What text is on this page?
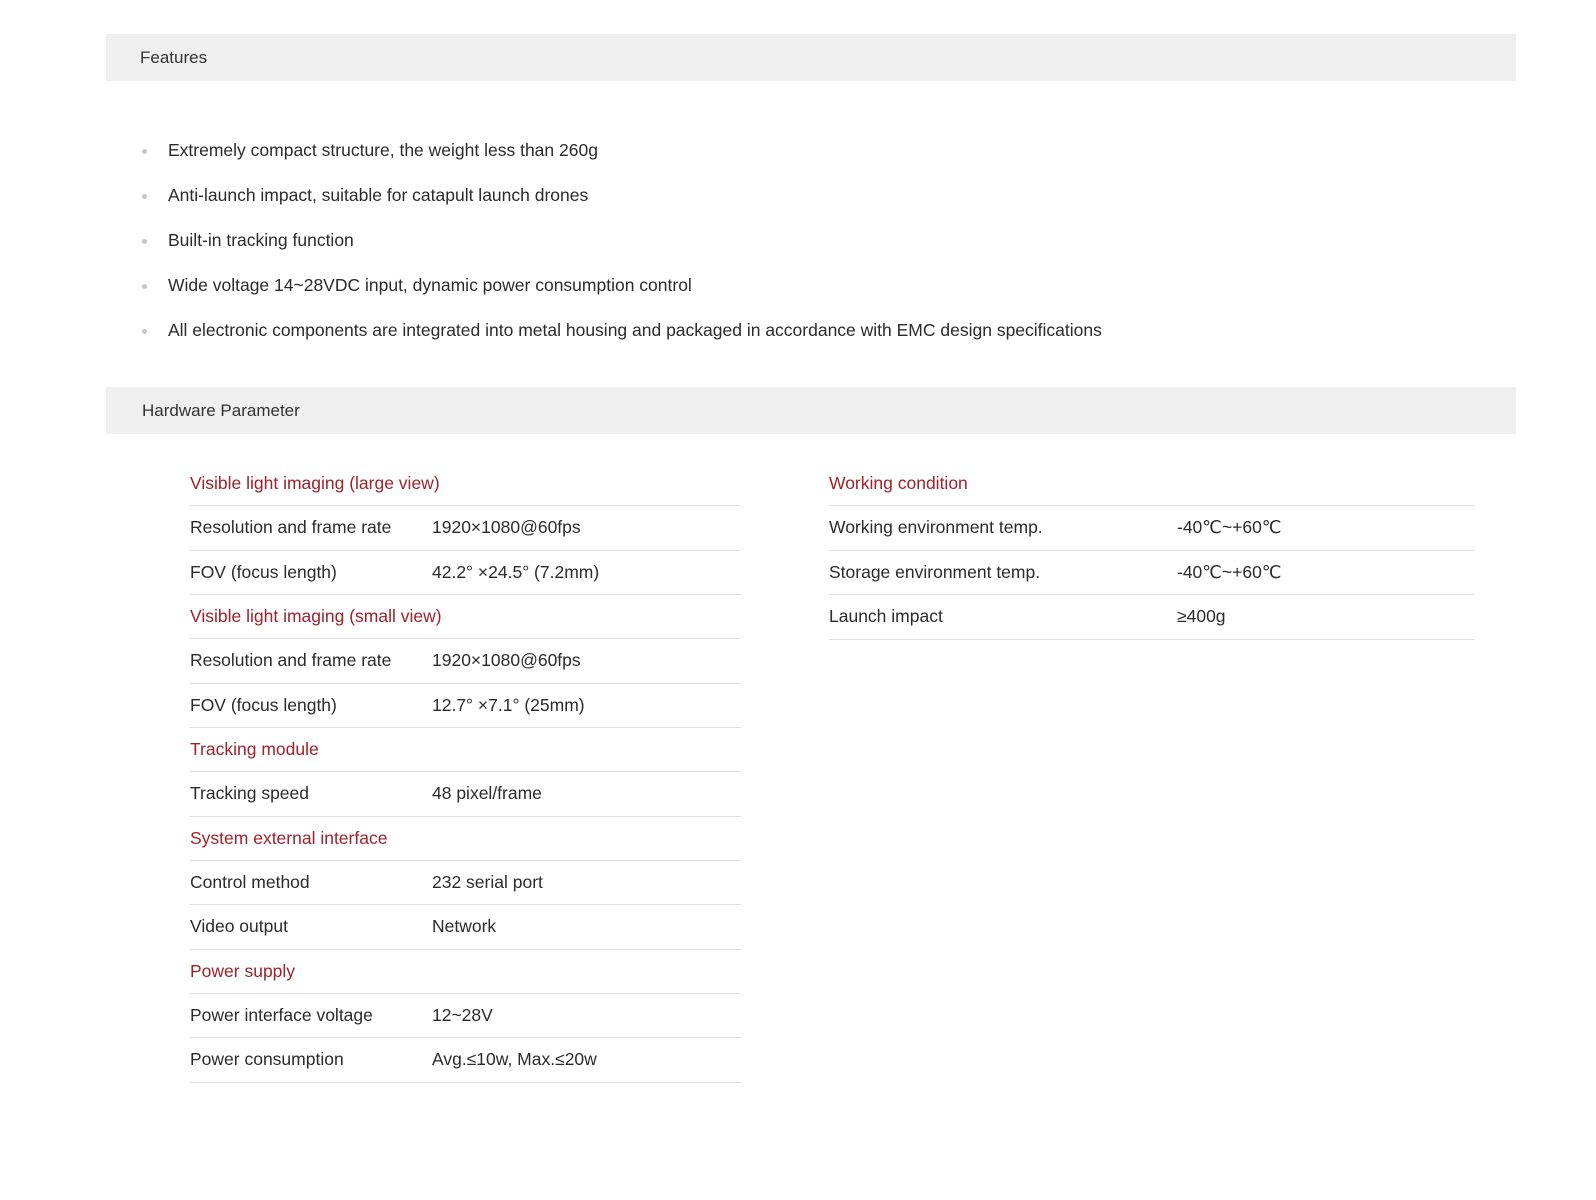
Features
Extremely compact structure, the weight less than 260g
Anti-launch impact, suitable for catapult launch drones
Built-in tracking function
Wide voltage 14~28VDC input, dynamic power consumption control
All electronic components are integrated into metal housing and packaged in accordance with EMC design specifications
Hardware Parameter
Visible light imaging (large view)
Resolution and frame rate	1920×1080@60fps
FOV (focus length)	42.2° ×24.5° (7.2mm)
Visible light imaging (small view)
Resolution and frame rate	1920×1080@60fps
FOV (focus length)	12.7° ×7.1° (25mm)
Tracking module
Tracking speed	48 pixel/frame
System external interface
Control method	232 serial port
Video output	Network
Power supply
Power interface voltage	12~28V
Power consumption	Avg.≤10w, Max.≤20w
Working condition
Working environment temp.	-40℃~+60℃
Storage environment temp.	-40℃~+60℃
Launch impact	≥400g
